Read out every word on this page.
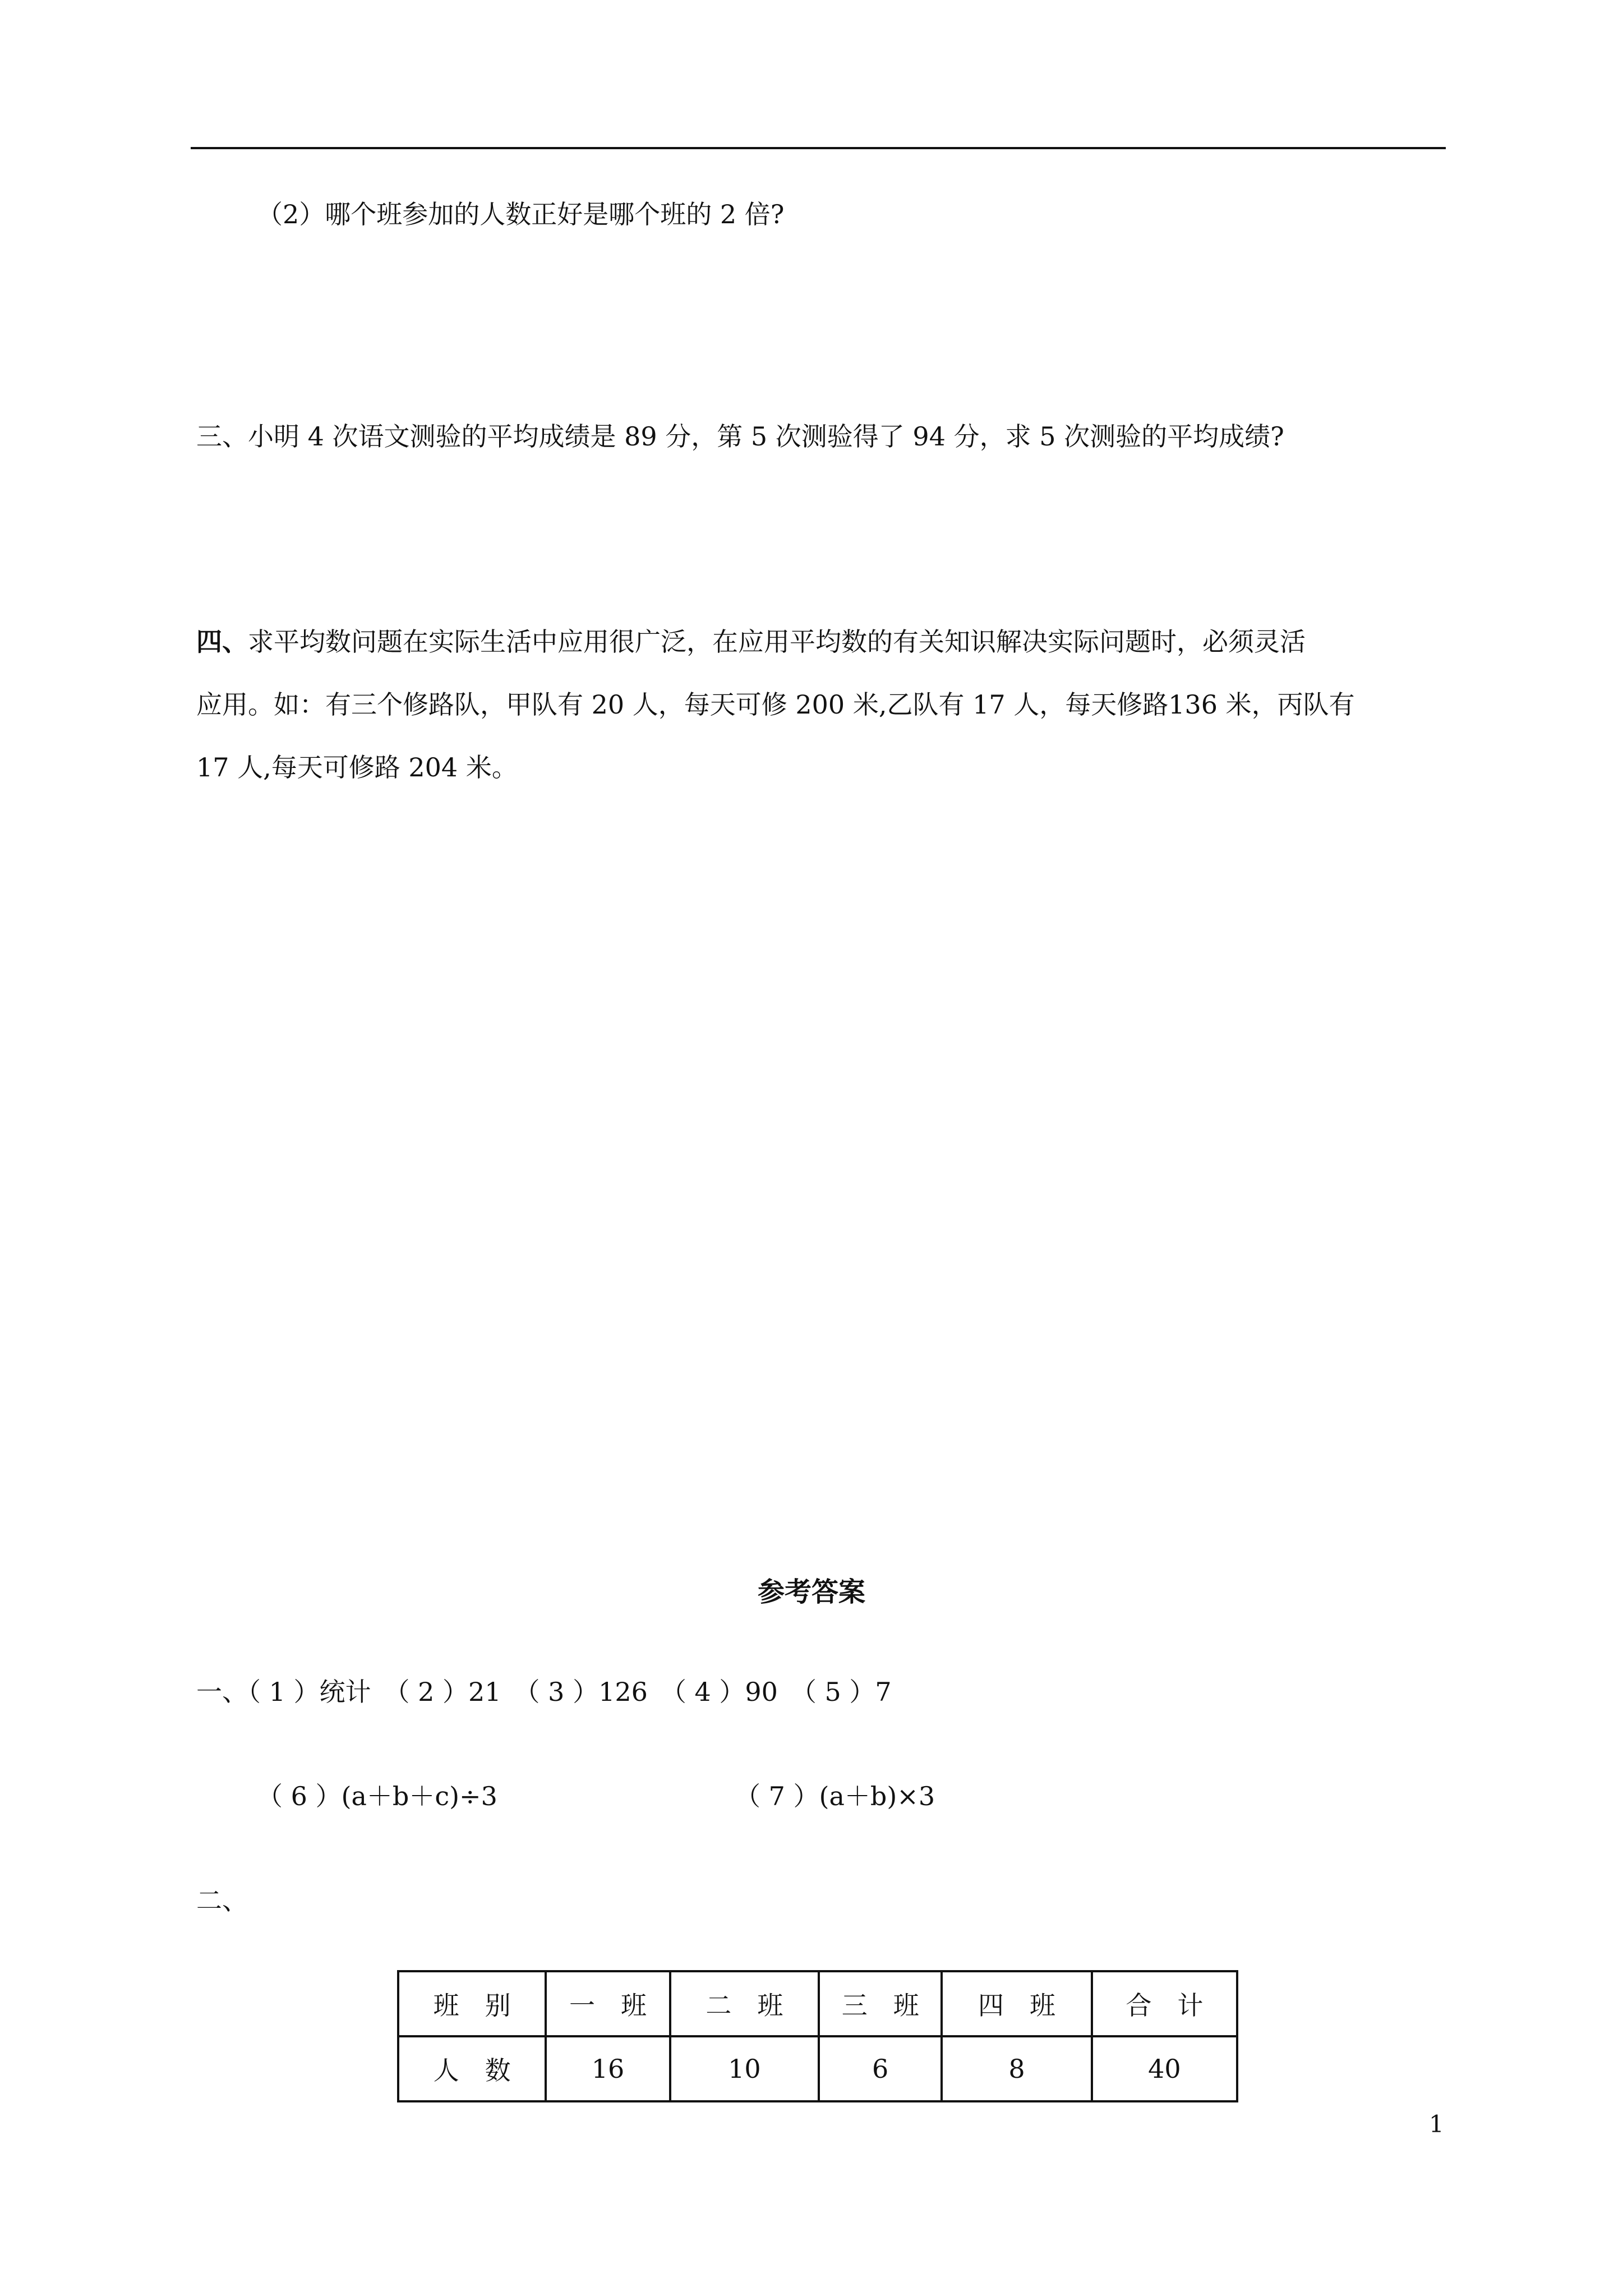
（2）哪个班参加的人数正好是哪个班的 2 倍?
三、小明 4 次语文测验的平均成绩是 89 分，第 5 次测验得了 94 分，求 5 次测验的平均成绩?
四、求平均数问题在实际生活中应用很广泛，在应用平均数的有关知识解决实际问题时，必须灵活
应用。如：有三个修路队，甲队有 20 人，每天可修 200 米,乙队有 17 人，每天修路136 米，丙队有
17 人,每天可修路 204 米。
参考答案
一、（ 1 ）统计　（ 2 ）21　（ 3 ）126　（ 4 ）90　（ 5 ）7
（ 6 ）(a＋b＋c)÷3	（ 7 ）(a＋b)×3
二、
班　别	一　班	二　班	三　班	四　班	合　计
人　数	16	10	6	8	40
1
